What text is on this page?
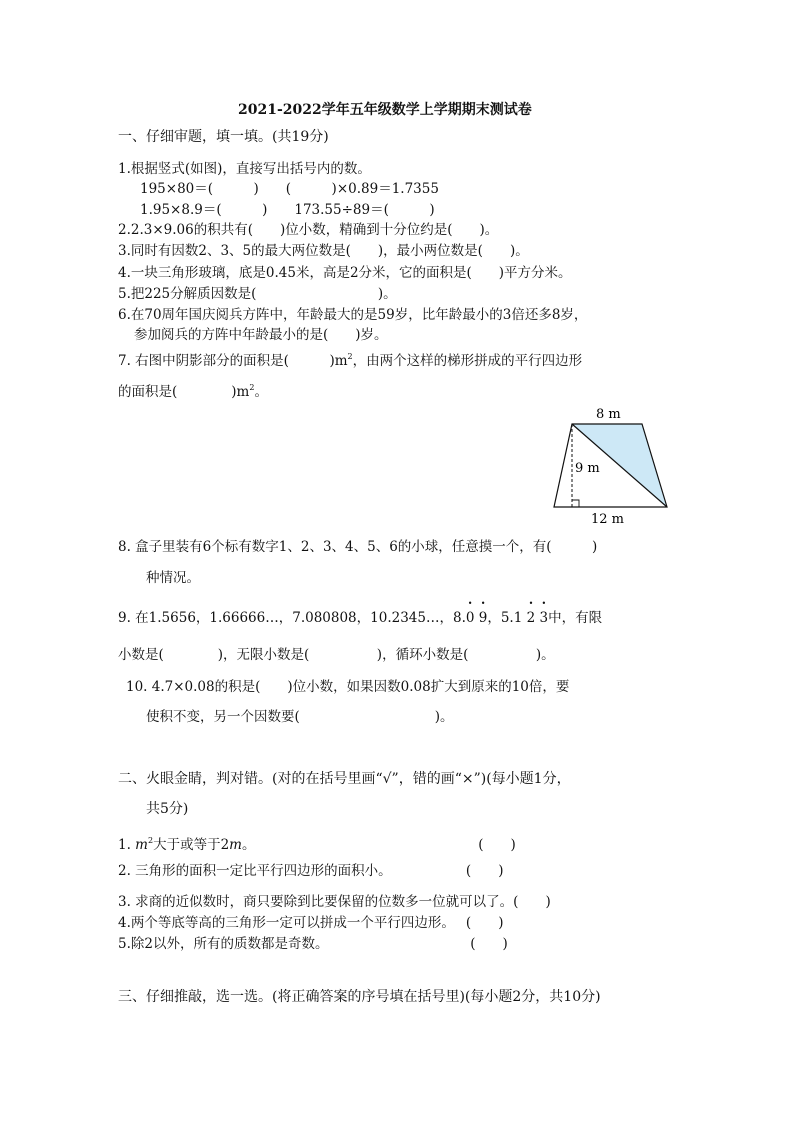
2021-2022学年五年级数学上学期期末测试卷
一、仔细审题，填一填。(共19分)
1.根据竖式(如图)，直接写出括号内的数。
195×80＝(　　　)　　(　　　)×0.89＝1.7355
1.95×8.9＝(　　　)　　173.55÷89＝(　　　)
2.2.3×9.06的积共有(　　)位小数，精确到十分位约是(　　)。
3.同时有因数2、3、5的最大两位数是(　　)，最小两位数是(　　)。
4.一块三角形玻璃，底是0.45米，高是2分米，它的面积是(　　)平方分米。
5.把225分解质因数是(　　　　　　　　　)。
6.在70周年国庆阅兵方阵中，年龄最大的是59岁，比年龄最小的3倍还多8岁，
参加阅兵的方阵中年龄最小的是(　　)岁。
7. 右图中阴影部分的面积是(　　　)$m^2$，由两个这样的梯形拼成的平行四边形
的面积是(　　　　)$m^2$。
8 m
9 m
12 m
8. 盒子里装有6个标有数字1、2、3、4、5、6的小球，任意摸一个，有(　　　)
种情况。
9. 在1.5656，1.66666…，7.080808，10.2345…，8.• 0 • 9，5.1 • 2 • 3中，有限
小数是(　　　　)，无限小数是(　　　　　)，循环小数是(　　　　　)。
10. 4.7×0.08的积是(　　)位小数，如果因数0.08扩大到原来的10倍，要
使积不变，另一个因数要(　　　　　　　　　　)。
二、火眼金睛，判对错。(对的在括号里画“√”，错的画“×”)(每小题1分，
共5分)
1. $m^2$大于或等于2m。　　　　　　　　　　　　　　　　　(　　)
2. 三角形的面积一定比平行四边形的面积小。　　　　　　(　　)
3. 求商的近似数时，商只要除到比要保留的位数多一位就可以了。(　　)
4.两个等底等高的三角形一定可以拼成一个平行四边形。　 (　　)
5.除2以外，所有的质数都是奇数。　　　　　　　　　　　(　　)
三、仔细推敲，选一选。(将正确答案的序号填在括号里)(每小题2分，共10分)
